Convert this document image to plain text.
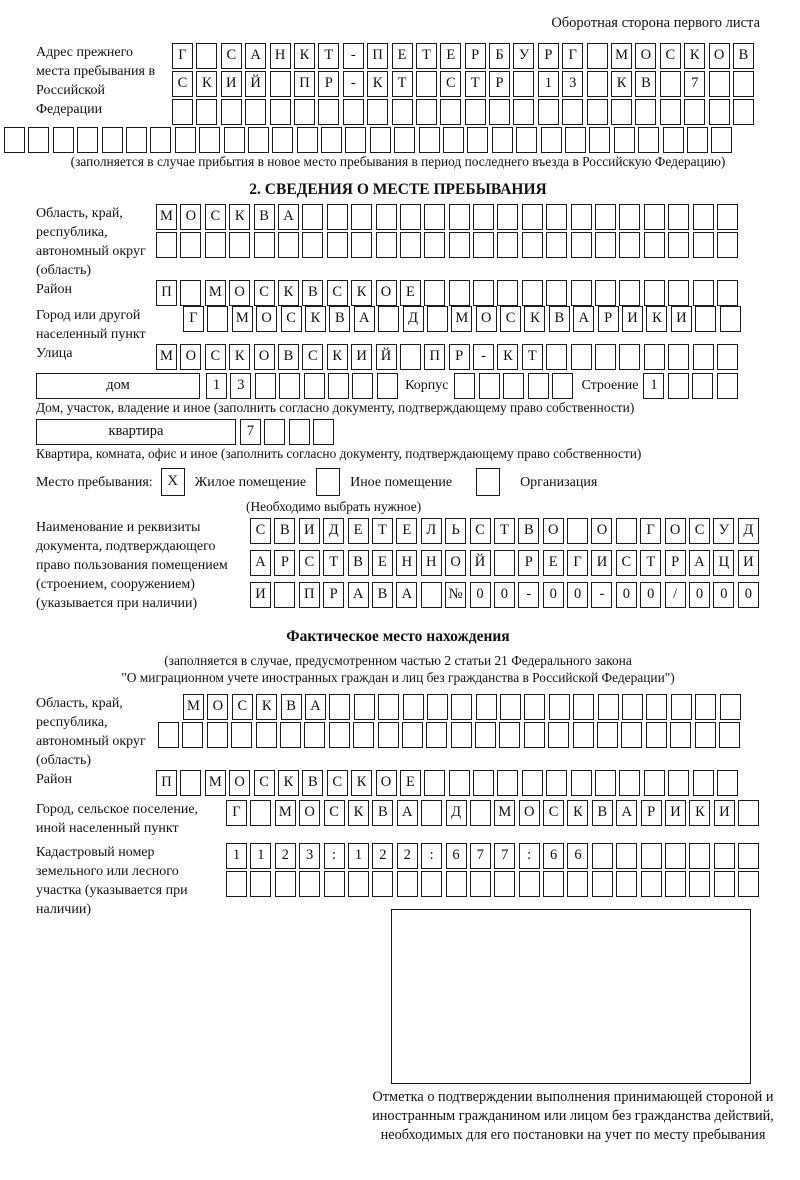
Оборотная сторона первого листа
Адрес прежнего места пребывания в Российской Федерации
Г	С А Н К Т - П Е Т Е Р Б У Р Г	М О С К О В
С К И Й	П Р - К Т	С Т Р	1 3	К В	7
(заполняется в случае прибытия в новое место пребывания в период последнего въезда в Российскую Федерацию)
2. СВЕДЕНИЯ О МЕСТЕ ПРЕБЫВАНИЯ
Область, край, республика, автономный округ (область)
М О С К В А
Район	П	М О С К В С К О Е
Город или другой населенный пункт
Г	М О С К В А	Д	М О С К В А Р И К И
Улица	М О С К О В С К И Й	П Р - К Т
дом	1 3	Корпус	Строение 1
Дом, участок, владение и иное (заполнить согласно документу, подтверждающему право собственности)
квартира	7
Квартира, комната, офис и иное (заполнить согласно документу, подтверждающему право собственности)
Место пребывания: X	Жилое помещение	Иное помещение	Организация
(Необходимо выбрать нужное)
Наименование и реквизиты документа, подтверждающего право пользования помещением (строением, сооружением) (указывается при наличии)
С В И Д Е Т Е Л Ь С Т В О	О	Г О С У Д
А Р С Т В Е Н Н О Й	Р Е Г И С Т Р А Ц И
И	П Р А В А	№ 0 0 - 0 0 - 0 0 / 0 0 0
Фактическое место нахождения
(заполняется в случае, предусмотренном частью 2 статьи 21 Федерального закона
"О миграционном учете иностранных граждан и лиц без гражданства в Российской Федерации")
Область, край, республика, автономный округ (область)
М О С К В А
Район	П	М О С К В С К О Е
Город, сельское поселение, иной населенный пункт
Г	М О С К В А	Д	М О С К В А Р И К И
Кадастровый номер земельного или лесного участка (указывается при наличии)
1 1 2 3 : 1 2 2 : 6 7 7 : 6 6
Отметка о подтверждении выполнения принимающей стороной и иностранным гражданином или лицом без гражданства действий, необходимых для его постановки на учет по месту пребывания
